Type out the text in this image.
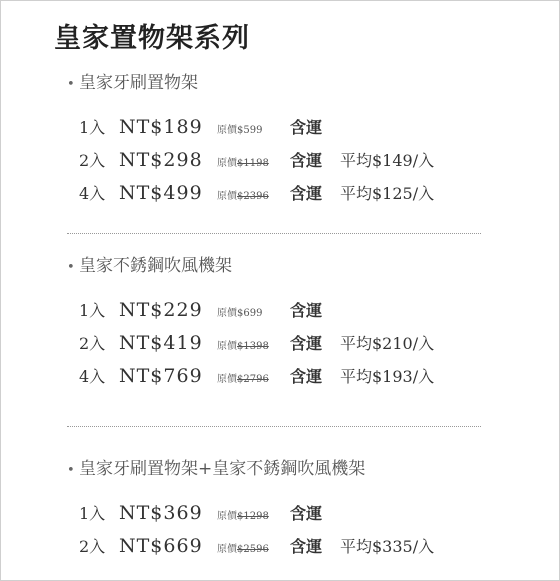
皇家置物架系列
• 皇家牙刷置物架
1入 NT$189 原價$599 含運
2入 NT$298 原價$1198 含運 平均$149/入
4入 NT$499 原價$2396 含運 平均$125/入
• 皇家不銹鋼吹風機架
1入 NT$229 原價$699 含運
2入 NT$419 原價$1398 含運 平均$210/入
4入 NT$769 原價$2796 含運 平均$193/入
• 皇家牙刷置物架+皇家不銹鋼吹風機架
1入 NT$369 原價$1298 含運
2入 NT$669 原價$2596 含運 平均$335/入
